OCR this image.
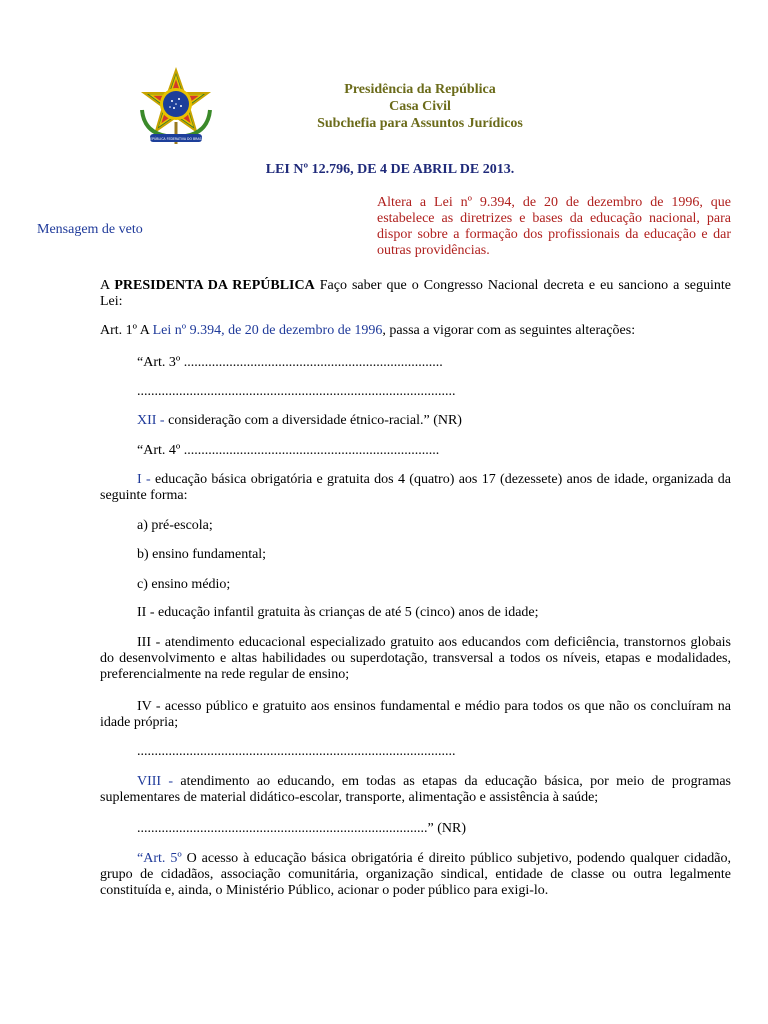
REPÚBLICA FEDERATIVA DO BRASIL
Presidência da República
Casa Civil
Subchefia para Assuntos Jurídicos
LEI Nº 12.796, DE 4 DE ABRIL DE 2013.
Mensagem de veto
Altera a Lei nº 9.394, de 20 de dezembro de 1996, que estabelece as diretrizes e bases da educação nacional, para dispor sobre a formação dos profissionais da educação e dar outras providências.

A PRESIDENTA DA REPÚBLICA Faço saber que o Congresso Nacional decreta e eu sanciono a seguinte Lei:

Art. 1º A Lei nº 9.394, de 20 de dezembro de 1996, passa a vigorar com as seguintes alterações:

“Art. 3º ..........................................................................

...........................................................................................

XII - consideração com a diversidade étnico-racial.” (NR)

“Art. 4º .........................................................................

I - educação básica obrigatória e gratuita dos 4 (quatro) aos 17 (dezessete) anos de idade, organizada da seguinte forma:

a) pré-escola;

b) ensino fundamental;

c) ensino médio;

II - educação infantil gratuita às crianças de até 5 (cinco) anos de idade;

III - atendimento educacional especializado gratuito aos educandos com deficiência, transtornos globais do desenvolvimento e altas habilidades ou superdotação, transversal a todos os níveis, etapas e modalidades, preferencialmente na rede regular de ensino;

IV - acesso público e gratuito aos ensinos fundamental e médio para todos os que não os concluíram na idade própria;

...........................................................................................

VIII - atendimento ao educando, em todas as etapas da educação básica, por meio de programas suplementares de material didático-escolar, transporte, alimentação e assistência à saúde;

...................................................................................” (NR)

“Art. 5º O acesso à educação básica obrigatória é direito público subjetivo, podendo qualquer cidadão, grupo de cidadãos, associação comunitária, organização sindical, entidade de classe ou outra legalmente constituída e, ainda, o Ministério Público, acionar o poder público para exigi-lo.
